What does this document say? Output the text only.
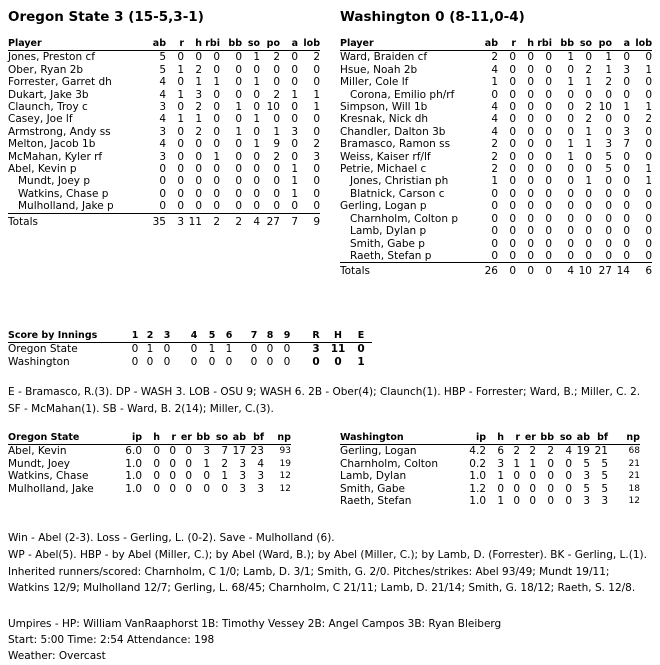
Oregon State 3 (15-5,3-1)	Washington 0 (8-11,0-4)
Player	ab	r	h	rbi	bb	so	po	a	lob
Jones, Preston cf	5	0	0	0	0	1	2	0	2
Ober, Ryan 2b	5	1	2	0	0	0	0	0	0
Forrester, Garret dh	4	0	1	1	0	1	0	0	0
Dukart, Jake 3b	4	1	3	0	0	0	2	1	1
Claunch, Troy c	3	0	2	0	1	0	10	0	1
Casey, Joe lf	4	1	1	0	0	1	0	0	0
Armstrong, Andy ss	3	0	2	0	1	0	1	3	0
Melton, Jacob 1b	4	0	0	0	0	1	9	0	2
McMahan, Kyler rf	3	0	0	1	0	0	2	0	3
Abel, Kevin p	0	0	0	0	0	0	0	1	0
Mundt, Joey p	0	0	0	0	0	0	0	1	0
Watkins, Chase p	0	0	0	0	0	0	0	1	0
Mulholland, Jake p	0	0	0	0	0	0	0	0	0
Totals	35	3	11	2	2	4	27	7	9
Player	ab	r	h	rbi	bb	so	po	a	lob
Ward, Braiden cf	2	0	0	0	1	0	1	0	0
Hsue, Noah 2b	4	0	0	0	0	2	1	3	1
Miller, Cole lf	1	0	0	0	1	1	2	0	0
Corona, Emilio ph/rf	0	0	0	0	0	0	0	0	0
Simpson, Will 1b	4	0	0	0	0	2	10	1	1
Kresnak, Nick dh	4	0	0	0	0	2	0	0	2
Chandler, Dalton 3b	4	0	0	0	0	1	0	3	0
Bramasco, Ramon ss	2	0	0	0	1	1	3	7	0
Weiss, Kaiser rf/lf	2	0	0	0	1	0	5	0	0
Petrie, Michael c	2	0	0	0	0	0	5	0	1
Jones, Christian ph	1	0	0	0	0	1	0	0	1
Blatnick, Carson c	0	0	0	0	0	0	0	0	0
Gerling, Logan p	0	0	0	0	0	0	0	0	0
Charnholm, Colton p	0	0	0	0	0	0	0	0	0
Lamb, Dylan p	0	0	0	0	0	0	0	0	0
Smith, Gabe p	0	0	0	0	0	0	0	0	0
Raeth, Stefan p	0	0	0	0	0	0	0	0	0
Totals	26	0	0	0	4	10	27	14	6
Score by Innings	1	2	3		4	5	6		7	8	9		R	H	E
Oregon State	0	1	0		0	1	1		0	0	0		3	11	0
Washington	0	0	0		0	0	0		0	0	0		0	0	1
E - Bramasco, R.(3). DP - WASH 3. LOB - OSU 9; WASH 6. 2B - Ober(4); Claunch(1). HBP - Forrester; Ward, B.; Miller, C. 2. SF - McMahan(1). SB - Ward, B. 2(14); Miller, C.(3).
Oregon State	ip	h	r	er	bb	so	ab	bf	np
Abel, Kevin	6.0	0	0	0	3	7	17	23	93
Mundt, Joey	1.0	0	0	0	1	2	3	4	19
Watkins, Chase	1.0	0	0	0	0	1	3	3	12
Mulholland, Jake	1.0	0	0	0	0	0	3	3	12
Washington	ip	h	r	er	bb	so	ab	bf	np
Gerling, Logan	4.2	6	2	2	2	4	19	21	68
Charnholm, Colton	0.2	3	1	1	0	0	5	5	21
Lamb, Dylan	1.0	1	0	0	0	0	3	5	21
Smith, Gabe	1.2	0	0	0	0	0	5	5	18
Raeth, Stefan	1.0	1	0	0	0	0	3	3	12
Win - Abel (2-3). Loss - Gerling, L. (0-2). Save - Mulholland (6).
WP - Abel(5). HBP - by Abel (Miller, C.); by Abel (Ward, B.); by Abel (Miller, C.); by Lamb, D. (Forrester). BK - Gerling, L.(1). Inherited runners/scored: Charnholm, C 1/0; Lamb, D. 3/1; Smith, G. 2/0. Pitches/strikes: Abel 93/49; Mundt 19/11; Watkins 12/9; Mulholland 12/7; Gerling, L. 68/45; Charnholm, C 21/11; Lamb, D. 21/14; Smith, G. 18/12; Raeth, S. 12/8.
Umpires - HP: William VanRaaphorst 1B: Timothy Vessey 2B: Angel Campos 3B: Ryan Bleiberg
Start: 5:00 Time: 2:54 Attendance: 198
Weather: Overcast
